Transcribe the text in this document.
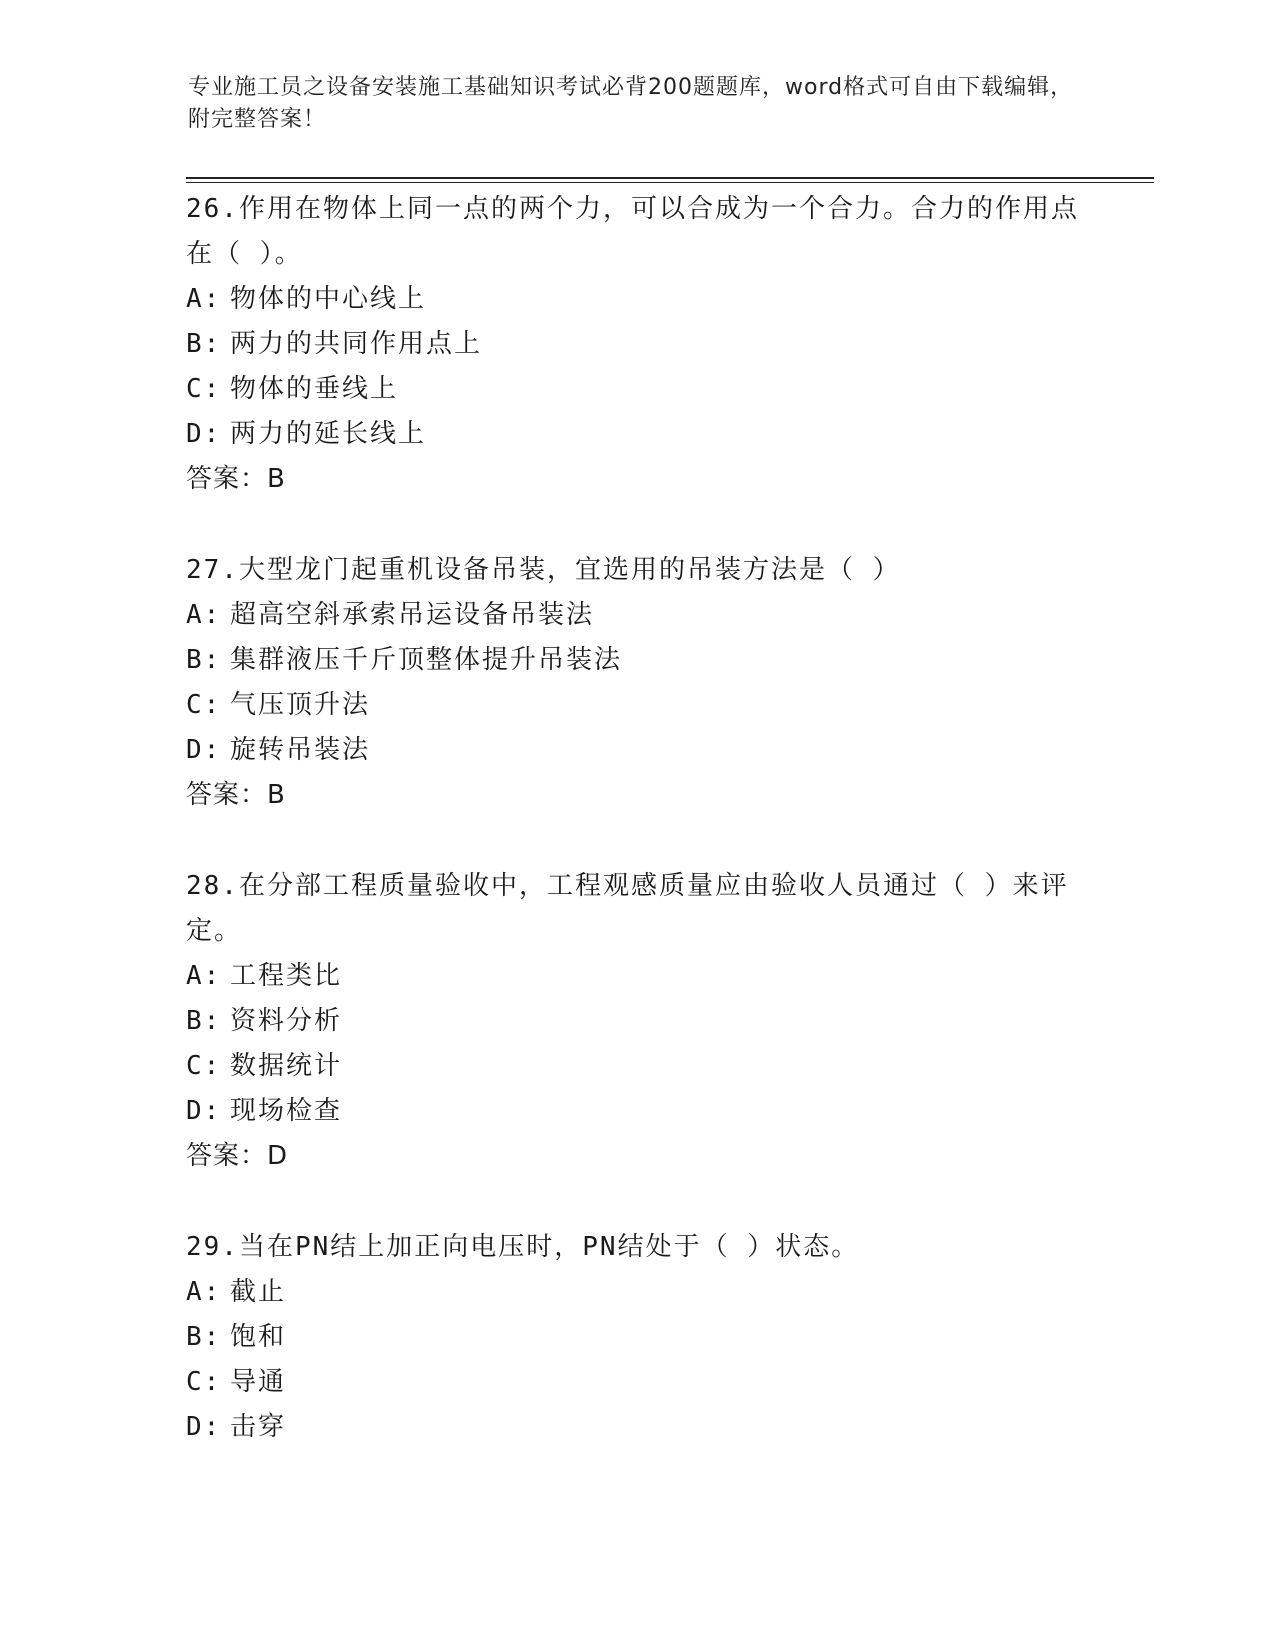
专业施工员之设备安装施工基础知识考试必背200题题库，word格式可自由下载编辑，附完整答案！

26.作用在物体上同一点的两个力，可以合成为一个合力。合力的作用点在（ ）。

A: 物体的中心线上
B: 两力的共同作用点上
C: 物体的垂线上
D: 两力的延长线上

答案：B

27.大型龙门起重机设备吊装，宜选用的吊装方法是（ ）

A: 超高空斜承索吊运设备吊装法
B: 集群液压千斤顶整体提升吊装法
C: 气压顶升法
D: 旋转吊装法

答案：B

28.在分部工程质量验收中，工程观感质量应由验收人员通过（ ）来评定。

A: 工程类比
B: 资料分析
C: 数据统计
D: 现场检查

答案：D

29.当在PN结上加正向电压时，PN结处于（ ）状态。

A: 截止
B: 饱和
C: 导通
D: 击穿
